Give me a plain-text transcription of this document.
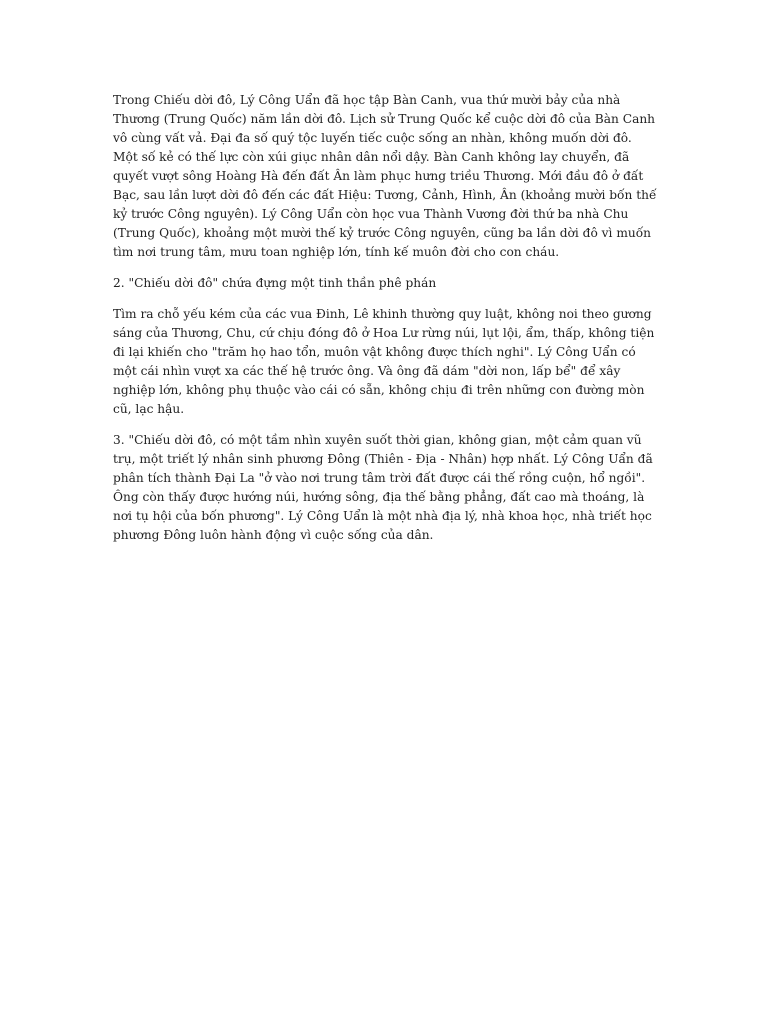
Trong Chiếu dời đô, Lý Công Uẩn đã học tập Bàn Canh, vua thứ mười bảy của nhà Thương (Trung Quốc) năm lần dời đô. Lịch sử Trung Quốc kể cuộc dời đô của Bàn Canh vô cùng vất vả. Đại đa số quý tộc luyến tiếc cuộc sống an nhàn, không muốn dời đô. Một số kẻ có thế lực còn xúi giục nhân dân nổi dậy. Bàn Canh không lay chuyển, đã quyết vượt sông Hoàng Hà đến đất Ân làm phục hưng triều Thương. Mới đầu đô ở đất Bạc, sau lần lượt dời đô đến các đất Hiệu: Tương, Cảnh, Hình, Ân (khoảng mười bốn thế kỷ trước Công nguyên). Lý Công Uẩn còn học vua Thành Vương đời thứ ba nhà Chu (Trung Quốc), khoảng một mười thế kỷ trước Công nguyên, cũng ba lần dời đô vì muốn tìm nơi trung tâm, mưu toan nghiệp lớn, tính kế muôn đời cho con cháu.

2. "Chiếu dời đô" chứa đựng một tinh thần phê phán

Tìm ra chỗ yếu kém của các vua Đinh, Lê khinh thường quy luật, không noi theo gương sáng của Thương, Chu, cứ chịu đóng đô ở Hoa Lư rừng núi, lụt lội, ẩm, thấp, không tiện đi lại khiến cho "trăm họ hao tổn, muôn vật không được thích nghi". Lý Công Uẩn có một cái nhìn vượt xa các thế hệ trước ông. Và ông đã dám "dời non, lấp bể" để xây nghiệp lớn, không phụ thuộc vào cái có sẵn, không chịu đi trên những con đường mòn cũ, lạc hậu.

3. "Chiếu dời đô, có một tầm nhìn xuyên suốt thời gian, không gian, một cảm quan vũ trụ, một triết lý nhân sinh phương Đông (Thiên - Địa - Nhân) hợp nhất. Lý Công Uẩn đã phân tích thành Đại La "ở vào nơi trung tâm trời đất được cái thế rồng cuộn, hổ ngồi". Ông còn thấy được hướng núi, hướng sông, địa thế bằng phẳng, đất cao mà thoáng, là nơi tụ hội của bốn phương". Lý Công Uẩn là một nhà địa lý, nhà khoa học, nhà triết học phương Đông luôn hành động vì cuộc sống của dân.
